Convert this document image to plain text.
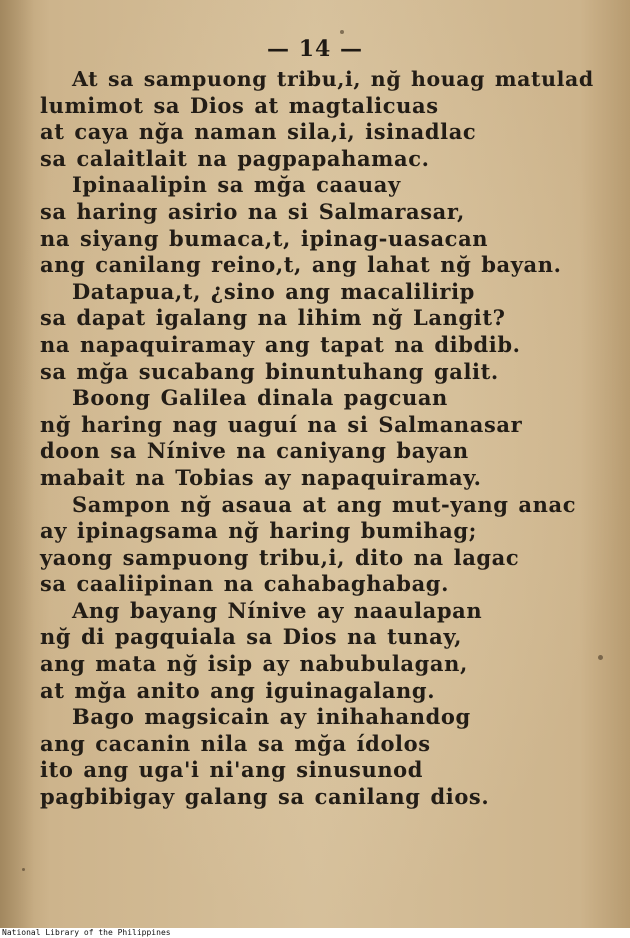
— 14 —
At sa sampuong tribu,i, nğ houag matulad
lumimot sa Dios at magtalicuas
at caya nğa naman sila,i, isinadlac
sa calaitlait na pagpapahamac.
Ipinaalipin sa mğa caauay
sa haring asirio na si Salmarasar,
na siyang bumaca,t, ipinag-uasacan
ang canilang reino,t, ang lahat nğ bayan.
Datapua,t, ¿sino ang macalilirip
sa dapat igalang na lihim nğ Langit?
na napaquiramay ang tapat na dibdib.
sa mğa sucabang binuntuhang galit.
Boong Galilea dinala pagcuan
nğ haring nag uaguí na si Salmanasar
doon sa Nínive na caniyang bayan
mabait na Tobias ay napaquiramay.
Sampon nğ asaua at ang mut-yang anac
ay ipinagsama nğ haring bumihag;
yaong sampuong tribu,i, dito na lagac
sa caaliipinan na cahabaghabag.
Ang bayang Nínive ay naaulapan
nğ di pagquiala sa Dios na tunay,
ang mata nğ isip ay nabubulagan,
at mğa anito ang iguinagalang.
Bago magsicain ay inihahandog
ang cacanin nila sa mğa ídolos
ito ang uga'i ni'ang sinusunod
pagbibigay galang sa canilang dios.
National Library of the Philippines
